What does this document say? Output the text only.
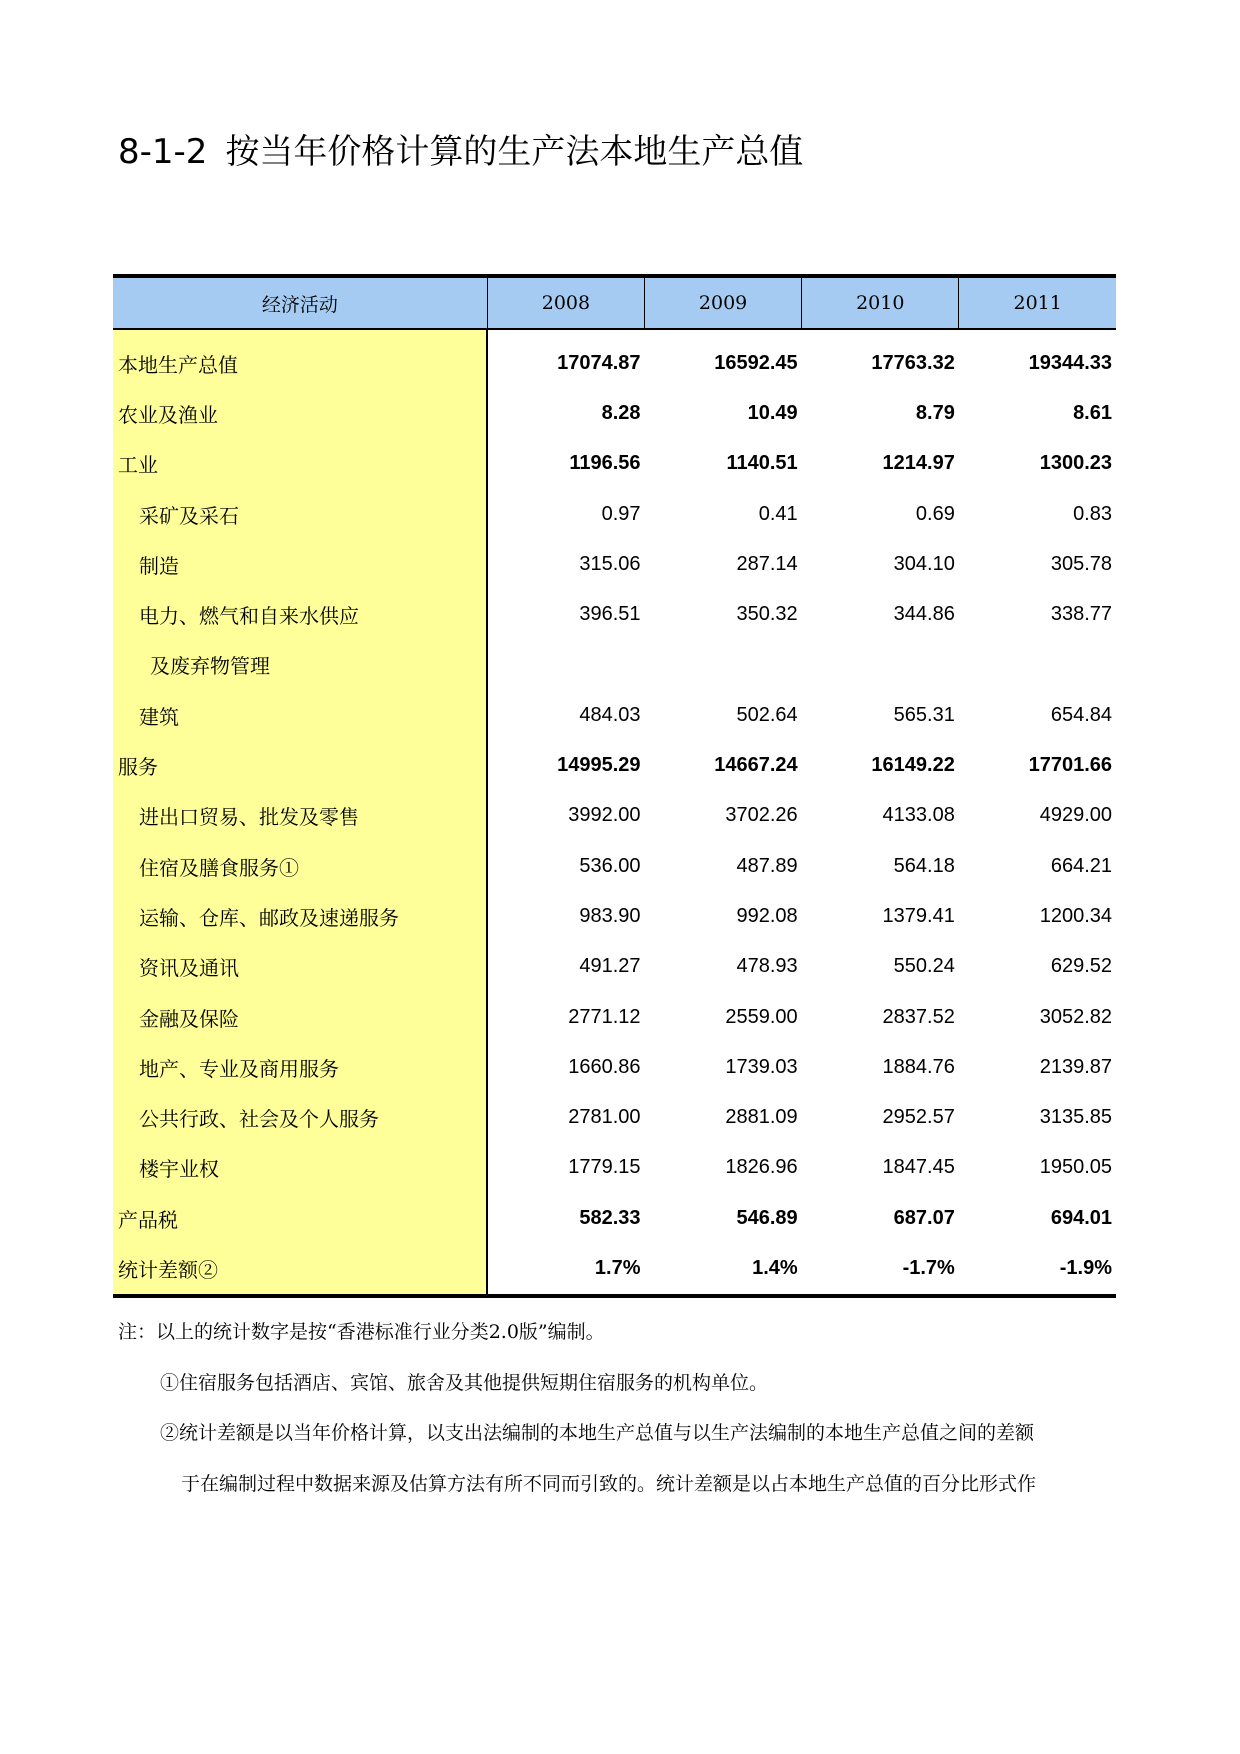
8-1-2 按当年价格计算的生产法本地生产总值
经济活动	2008	2009	2010	2011
本地生产总值	17074.87	16592.45	17763.32	19344.33
农业及渔业	8.28	10.49	8.79	8.61
工业	1196.56	1140.51	1214.97	1300.23
采矿及采石	0.97	0.41	0.69	0.83
制造	315.06	287.14	304.10	305.78
电力、燃气和自来水供应	396.51	350.32	344.86	338.77
及废弃物管理				
建筑	484.03	502.64	565.31	654.84
服务	14995.29	14667.24	16149.22	17701.66
进出口贸易、批发及零售	3992.00	3702.26	4133.08	4929.00
住宿及膳食服务①	536.00	487.89	564.18	664.21
运输、仓库、邮政及速递服务	983.90	992.08	1379.41	1200.34
资讯及通讯	491.27	478.93	550.24	629.52
金融及保险	2771.12	2559.00	2837.52	3052.82
地产、专业及商用服务	1660.86	1739.03	1884.76	2139.87
公共行政、社会及个人服务	2781.00	2881.09	2952.57	3135.85
楼宇业权	1779.15	1826.96	1847.45	1950.05
产品税	582.33	546.89	687.07	694.01
统计差额②	1.7%	1.4%	-1.7%	-1.9%

注：以上的统计数字是按“香港标准行业分类2.0版”编制。

①住宿服务包括酒店、宾馆、旅舍及其他提供短期住宿服务的机构单位。

②统计差额是以当年价格计算，以支出法编制的本地生产总值与以生产法编制的本地生产总值之间的差额

于在编制过程中数据来源及估算方法有所不同而引致的。统计差额是以占本地生产总值的百分比形式作
